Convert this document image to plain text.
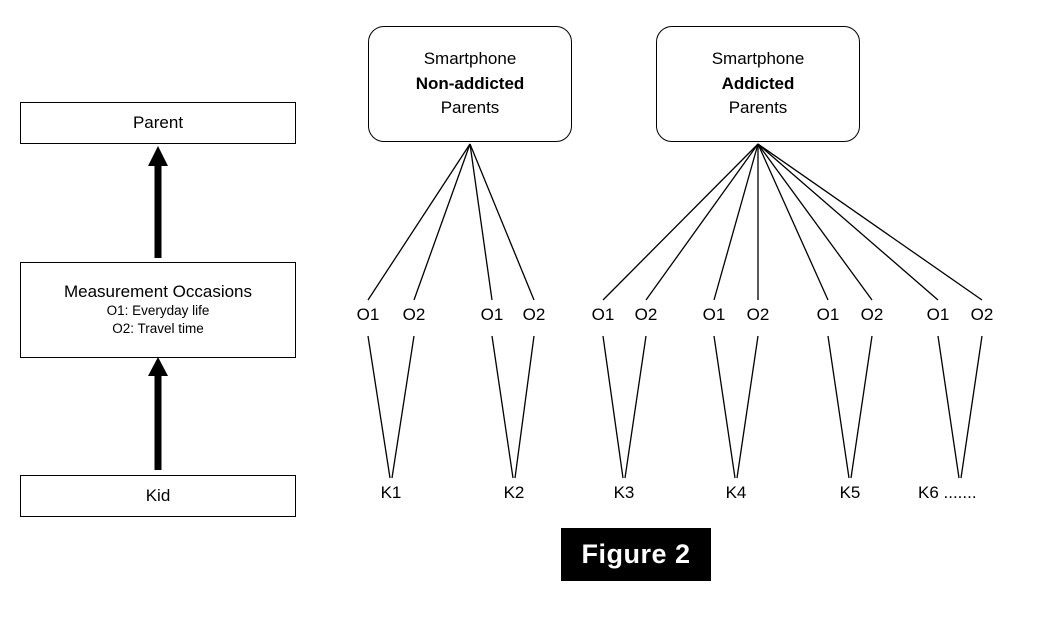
Parent
Measurement Occasions
O1: Everyday life
O2: Travel time
Kid
Smartphone
Non-addicted
Parents
Smartphone
Addicted
Parents
O1	O2	O1	O2	O1	O2	O1	O2	O1	O2	O1	O2
K1	K2	K3	K4	K5	K6 .......
Figure 2
